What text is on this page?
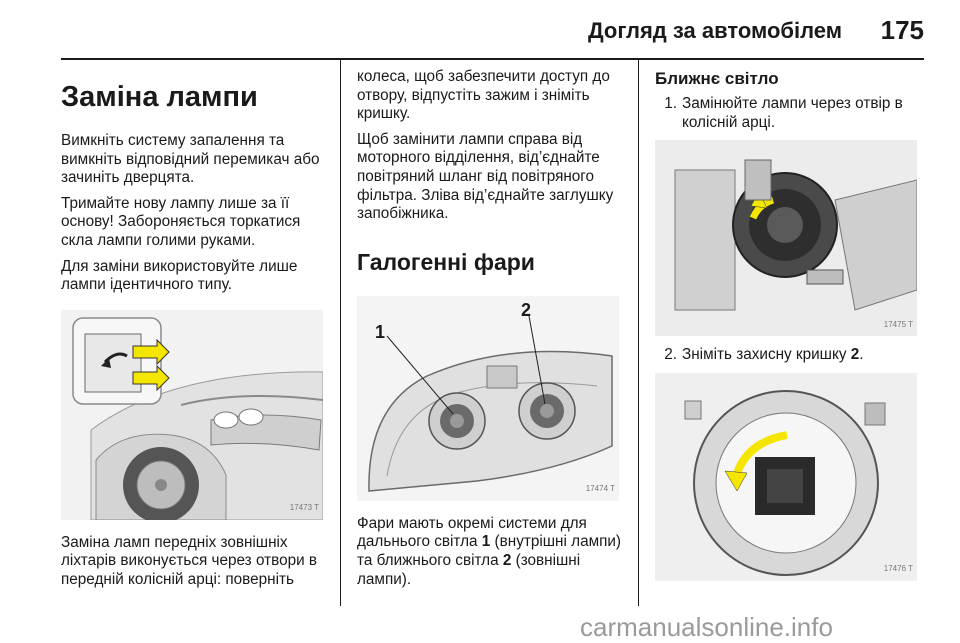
Догляд за автомобілем 175
Заміна лампи

Вимкніть систему запалення та вимкніть відповідний перемикач або зачиніть дверцята.

Тримайте нову лампу лише за її основу! Забороняється торкатися скла лампи голими руками.

Для заміни використовуйте лише лампи ідентичного типу.

17473 T

Заміна ламп передніх зовнішніх ліхтарів виконується через отвори в передній колісній арці: поверніть

колеса, щоб забезпечити доступ до отвору, відпустіть зажим і зніміть кришку.

Щоб замінити лампи справа від моторного відділення, від’єднайте повітряний шланг від повітряного фільтра. Зліва від’єднайте заглушку запобіжника.

Галогенні фари
1
2
17474 T

Фари мають окремі системи для дальнього світла 1 (внутрішні лампи) та ближнього світла 2 (зовнішні лампи).

Ближнє світло
1. Замінюйте лампи через отвір в колісній арці.
17475 T
2. Зніміть захисну кришку 2.
17476 T
carmanualsonline.info
